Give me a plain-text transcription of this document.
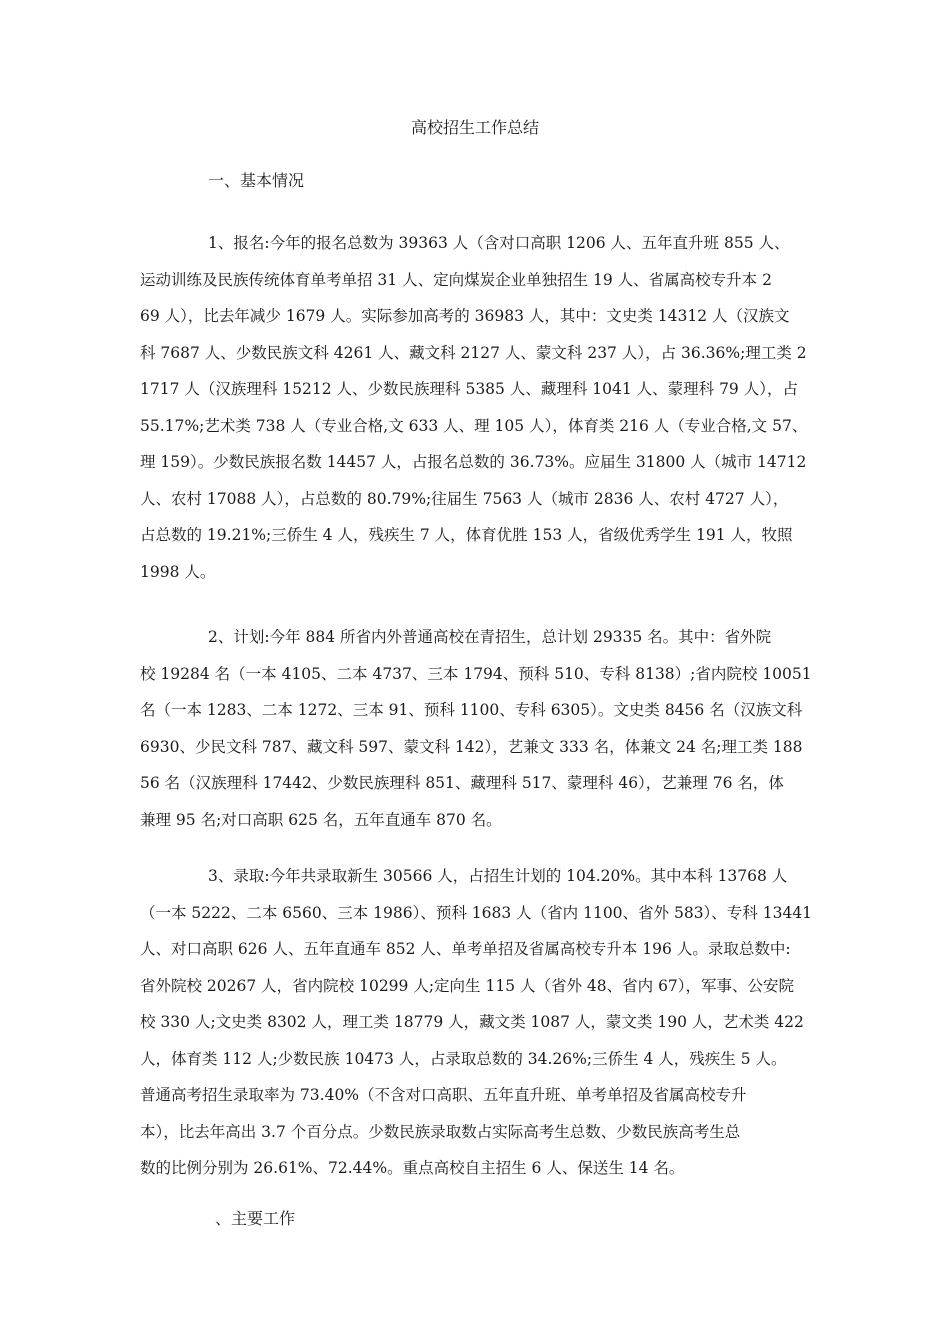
高校招生工作总结
一、基本情况
1、报名:今年的报名总数为 39363 人（含对口高职 1206 人、五年直升班 855 人、
运动训练及民族传统体育单考单招 31 人、定向煤炭企业单独招生 19 人、省属高校专升本 2
69 人），比去年减少 1679 人。实际参加高考的 36983 人，其中：文史类 14312 人（汉族文
科 7687 人、少数民族文科 4261 人、藏文科 2127 人、蒙文科 237 人），占 36.36%;理工类 2
1717 人（汉族理科 15212 人、少数民族理科 5385 人、藏理科 1041 人、蒙理科 79 人），占
55.17%;艺术类 738 人（专业合格,文 633 人、理 105 人），体育类 216 人（专业合格,文 57、
理 159）。少数民族报名数 14457 人，占报名总数的 36.73%。应届生 31800 人（城市 14712
人、农村 17088 人），占总数的 80.79%;往届生 7563 人（城市 2836 人、农村 4727 人），
占总数的 19.21%;三侨生 4 人，残疾生 7 人，体育优胜 153 人，省级优秀学生 191 人，牧照
1998 人。
2、计划:今年 884 所省内外普通高校在青招生，总计划 29335 名。其中：省外院
校 19284 名（一本 4105、二本 4737、三本 1794、预科 510、专科 8138）;省内院校 10051
名（一本 1283、二本 1272、三本 91、预科 1100、专科 6305）。文史类 8456 名（汉族文科
6930、少民文科 787、藏文科 597、蒙文科 142），艺兼文 333 名，体兼文 24 名;理工类 188
56 名（汉族理科 17442、少数民族理科 851、藏理科 517、蒙理科 46），艺兼理 76 名，体
兼理 95 名;对口高职 625 名，五年直通车 870 名。
3、录取:今年共录取新生 30566 人，占招生计划的 104.20%。其中本科 13768 人
（一本 5222、二本 6560、三本 1986）、预科 1683 人（省内 1100、省外 583）、专科 13441
人、对口高职 626 人、五年直通车 852 人、单考单招及省属高校专升本 196 人。录取总数中:
省外院校 20267 人，省内院校 10299 人;定向生 115 人（省外 48、省内 67），军事、公安院
校 330 人;文史类 8302 人，理工类 18779 人，藏文类 1087 人，蒙文类 190 人，艺术类 422
人，体育类 112 人;少数民族 10473 人，占录取总数的 34.26%;三侨生 4 人，残疾生 5 人。
普通高考招生录取率为 73.40%（不含对口高职、五年直升班、单考单招及省属高校专升
本），比去年高出 3.7 个百分点。少数民族录取数占实际高考生总数、少数民族高考生总
数的比例分别为 26.61%、72.44%。重点高校自主招生 6 人、保送生 14 名。
、主要工作
